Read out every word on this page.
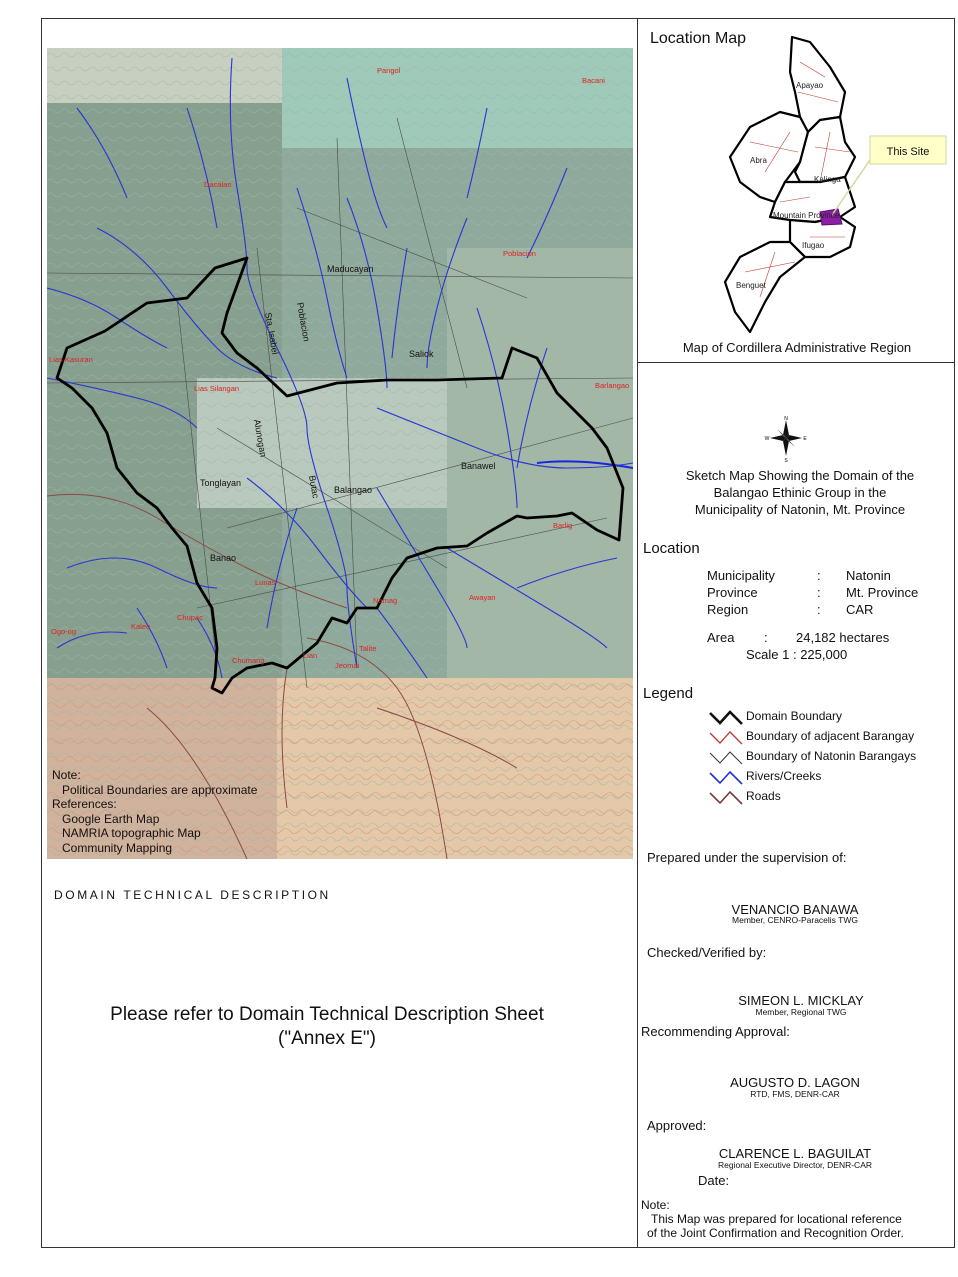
Maducayan
Saliok
Banawel
Balangao
Tonglayan
Banao
Sta. Isabel Poblacion
Alunogan
Butac
Pangol
Bacani
Dacalan
Poblacion
Lias Kasuran
Lias Silangan	Barlangao
Barlig
Lunas
Namag	Awayan
Ogo-og
Kaleo
Chupac
Chumang
Lian
Jeomai
Talite
Note:
Political Boundaries are approximate
References:
Google Earth Map
NAMRIA topographic Map
Community Mapping
DOMAIN TECHNICAL DESCRIPTION
Please refer to Domain Technical Description Sheet
("Annex E")
Location Map
This Site
Apayao
Abra
Kalinga
Mountain Province
Ifugao
Benguet
Map of Cordillera Administrative Region
N
S
E
W
Sketch Map Showing the Domain of the
Balangao Ethinic Group in the
Municipality of Natonin, Mt. Province
Location
Municipality	: Natonin
Province	: Mt. Province
Region	: CAR
Area : 24,182 hectares
Scale 1 : 225,000
Legend
Domain Boundary
Boundary of adjacent Barangay
Boundary of Natonin Barangays
Rivers/Creeks
Roads
Prepared under the supervision of:
VENANCIO BANAWA
Member, CENRO-Paracelis TWG
Checked/Verified by:
SIMEON L. MICKLAY
Member, Regional TWG
Recommending Approval:
AUGUSTO D. LAGON
RTD, FMS, DENR-CAR
Approved:
CLARENCE L. BAGUILAT
Regional Executive Director, DENR-CAR
Date:
Note:
This Map was prepared for locational reference
of the Joint Confirmation and Recognition Order.
